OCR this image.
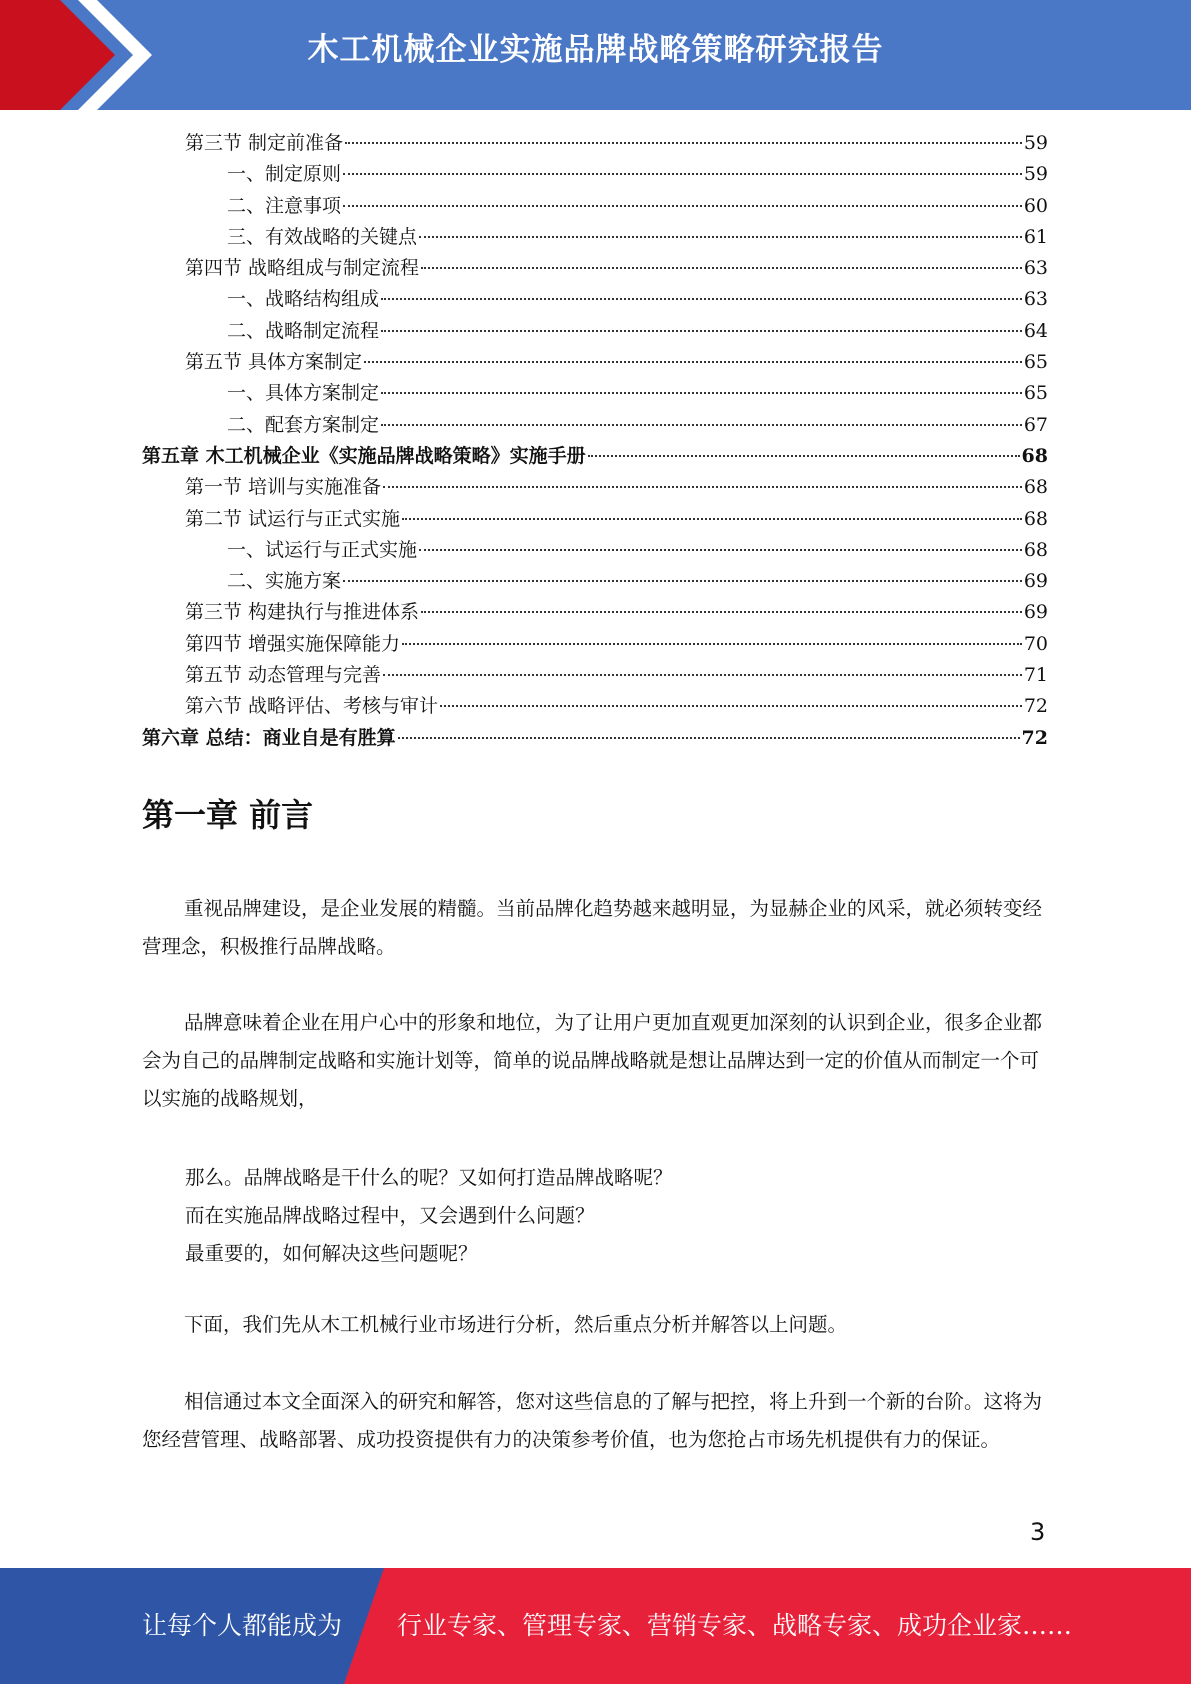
木工机械企业实施品牌战略策略研究报告
第三节 制定前准备	59
一、制定原则	59
二、注意事项	60
三、有效战略的关键点	61
第四节 战略组成与制定流程	63
一、战略结构组成	63
二、战略制定流程	64
第五节 具体方案制定	65
一、具体方案制定	65
二、配套方案制定	67
第五章 木工机械企业《实施品牌战略策略》实施手册	68
第一节 培训与实施准备	68
第二节 试运行与正式实施	68
一、试运行与正式实施	68
二、实施方案	69
第三节 构建执行与推进体系	69
第四节 增强实施保障能力	70
第五节 动态管理与完善	71
第六节 战略评估、考核与审计	72
第六章 总结：商业自是有胜算	72
第一章 前言

重视品牌建设，是企业发展的精髓。当前品牌化趋势越来越明显，为显赫企业的风采，就必须转变经营理念，积极推行品牌战略。

品牌意味着企业在用户心中的形象和地位，为了让用户更加直观更加深刻的认识到企业，很多企业都会为自己的品牌制定战略和实施计划等，简单的说品牌战略就是想让品牌达到一定的价值从而制定一个可以实施的战略规划，

那么。品牌战略是干什么的呢？又如何打造品牌战略呢？

而在实施品牌战略过程中，又会遇到什么问题？

最重要的，如何解决这些问题呢？

下面，我们先从木工机械行业市场进行分析，然后重点分析并解答以上问题。

相信通过本文全面深入的研究和解答，您对这些信息的了解与把控，将上升到一个新的台阶。这将为您经营管理、战略部署、成功投资提供有力的决策参考价值，也为您抢占市场先机提供有力的保证。

3
让每个人都能成为 行业专家、管理专家、营销专家、战略专家、成功企业家……
